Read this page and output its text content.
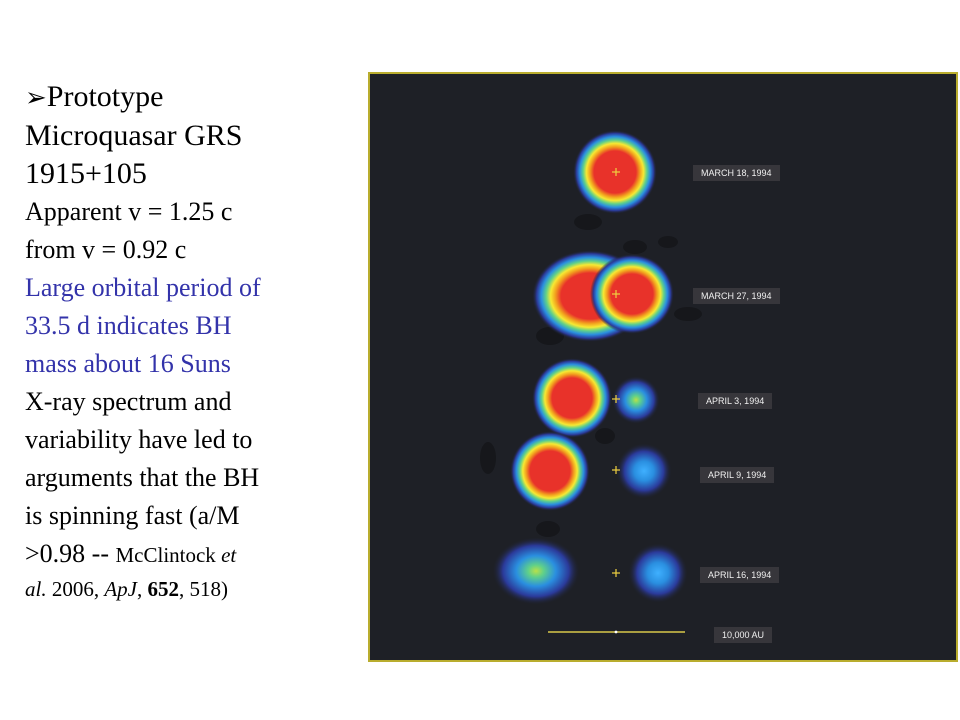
➢Prototype

Microquasar GRS

1915+105

Apparent v = 1.25 c

from v = 0.92 c

Large orbital period of

33.5 d indicates BH

mass about 16 Suns

X-ray spectrum and

variability have led to

arguments that the BH

is spinning fast (a/M

>0.98 -- McClintock et

al. 2006, ApJ, 652, 518)

MARCH 18, 1994
MARCH 27, 1994
APRIL 3, 1994
APRIL 9, 1994
APRIL 16, 1994
10,000 AU
